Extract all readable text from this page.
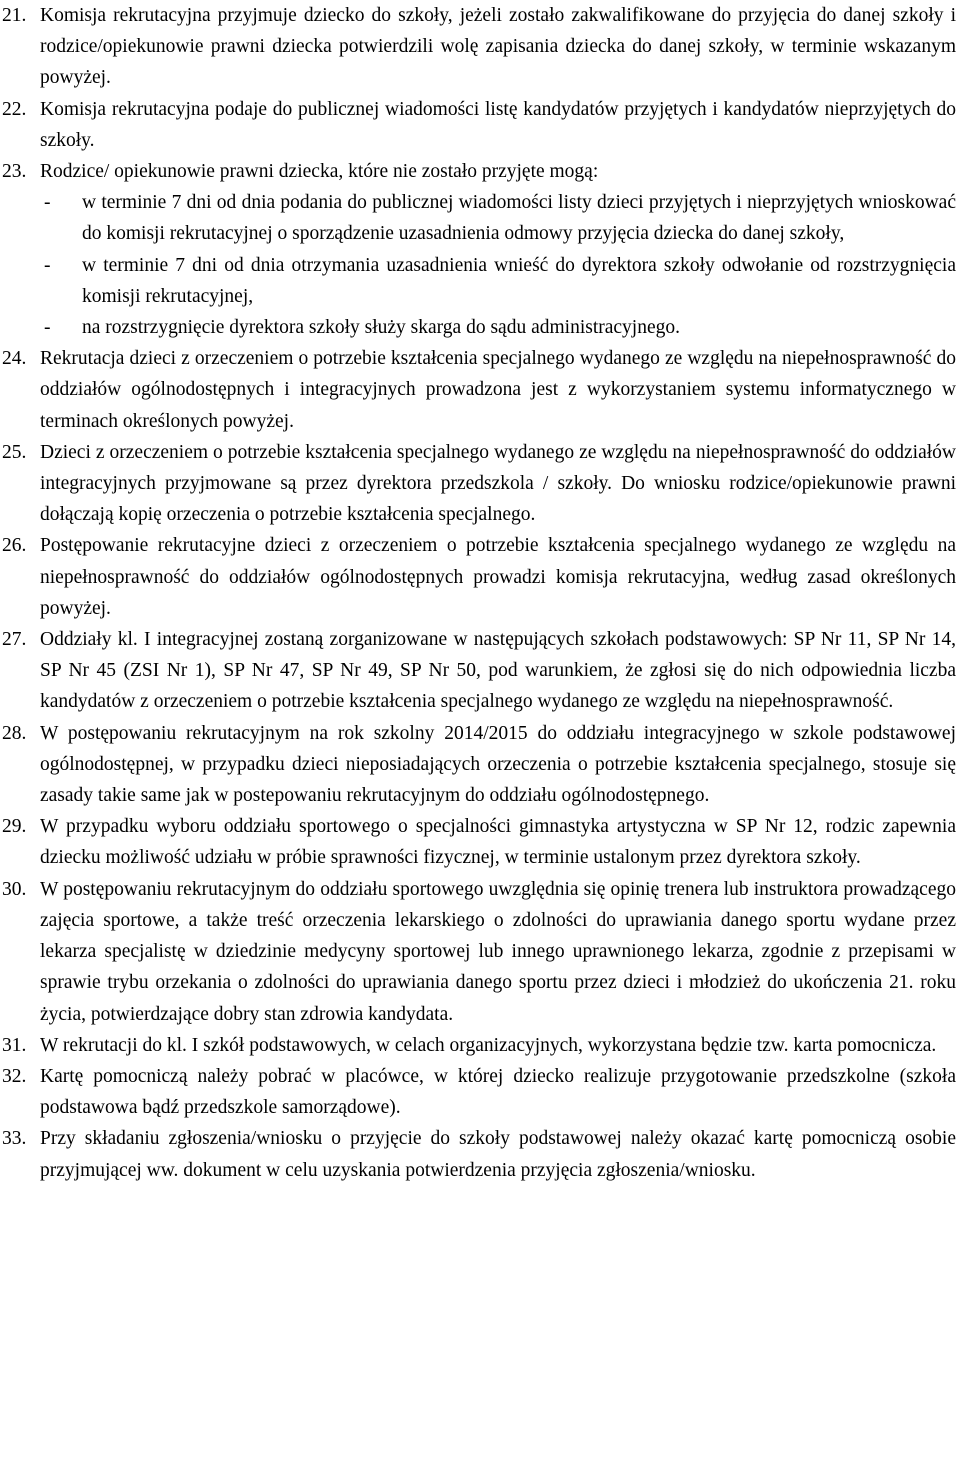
21. Komisja rekrutacyjna przyjmuje dziecko do szkoły, jeżeli zostało zakwalifikowane do przyjęcia do danej szkoły i rodzice/opiekunowie prawni dziecka potwierdzili wolę zapisania dziecka do danej szkoły, w terminie wskazanym powyżej.
22. Komisja rekrutacyjna podaje do publicznej wiadomości listę kandydatów przyjętych i kandydatów nieprzyjętych do szkoły.
23. Rodzice/ opiekunowie prawni dziecka, które nie zostało przyjęte mogą:
-	w terminie 7 dni od dnia podania do publicznej wiadomości listy dzieci przyjętych i nieprzyjętych wnioskować do komisji rekrutacyjnej o sporządzenie uzasadnienia odmowy przyjęcia dziecka do danej szkoły,
-	w terminie 7 dni od dnia otrzymania uzasadnienia wnieść do dyrektora szkoły odwołanie od rozstrzygnięcia komisji rekrutacyjnej,
-	na rozstrzygnięcie dyrektora szkoły służy skarga do sądu administracyjnego.
24. Rekrutacja dzieci z orzeczeniem o potrzebie kształcenia specjalnego wydanego ze względu na niepełnosprawność do oddziałów ogólnodostępnych i integracyjnych prowadzona jest z wykorzystaniem systemu informatycznego w terminach określonych powyżej.
25. Dzieci z orzeczeniem o potrzebie kształcenia specjalnego wydanego ze względu na niepełnosprawność do oddziałów integracyjnych przyjmowane są przez dyrektora przedszkola / szkoły. Do wniosku rodzice/opiekunowie prawni dołączają kopię orzeczenia o potrzebie kształcenia specjalnego.
26. Postępowanie rekrutacyjne dzieci z orzeczeniem o potrzebie kształcenia specjalnego wydanego ze względu na niepełnosprawność do oddziałów ogólnodostępnych prowadzi komisja rekrutacyjna, według zasad określonych powyżej.
27. Oddziały kl. I integracyjnej zostaną zorganizowane w następujących szkołach podstawowych: SP Nr 11, SP Nr 14, SP Nr 45 (ZSI Nr 1), SP Nr 47, SP Nr 49, SP Nr 50, pod warunkiem, że zgłosi się do nich odpowiednia liczba kandydatów z orzeczeniem o potrzebie kształcenia specjalnego wydanego ze względu na niepełnosprawność.
28. W postępowaniu rekrutacyjnym na rok szkolny 2014/2015 do oddziału integracyjnego w szkole podstawowej ogólnodostępnej, w przypadku dzieci nieposiadających orzeczenia o potrzebie kształcenia specjalnego, stosuje się zasady takie same jak w postepowaniu rekrutacyjnym do oddziału ogólnodostępnego.
29. W przypadku wyboru oddziału sportowego o specjalności gimnastyka artystyczna w SP Nr 12, rodzic zapewnia dziecku możliwość udziału w próbie sprawności fizycznej, w terminie ustalonym przez dyrektora szkoły.
30. W postępowaniu rekrutacyjnym do oddziału sportowego uwzględnia się opinię trenera lub instruktora prowadzącego zajęcia sportowe, a także treść orzeczenia lekarskiego o zdolności do uprawiania danego sportu wydane przez lekarza specjalistę w dziedzinie medycyny sportowej lub innego uprawnionego lekarza, zgodnie z przepisami w sprawie trybu orzekania o zdolności do uprawiania danego sportu przez dzieci i młodzież do ukończenia 21. roku życia, potwierdzające dobry stan zdrowia kandydata.
31. W rekrutacji do kl. I szkół podstawowych, w celach organizacyjnych, wykorzystana będzie tzw. karta pomocnicza.
32. Kartę pomocniczą należy pobrać w placówce, w której dziecko realizuje przygotowanie przedszkolne (szkoła podstawowa bądź przedszkole samorządowe).
33. Przy składaniu zgłoszenia/wniosku o przyjęcie do szkoły podstawowej należy okazać kartę pomocniczą osobie przyjmującej ww. dokument w celu uzyskania potwierdzenia przyjęcia zgłoszenia/wniosku.
